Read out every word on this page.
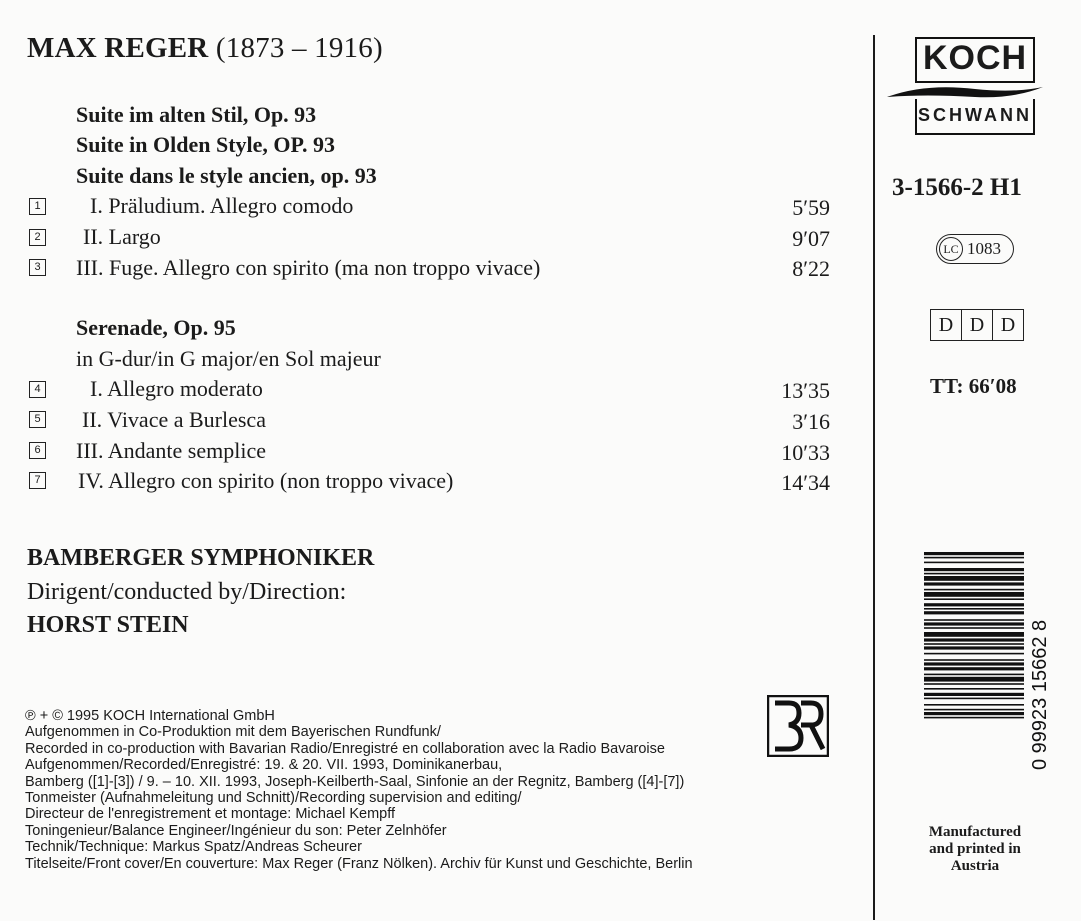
MAX REGER (1873 – 1916)
Suite im alten Stil, Op. 93
Suite in Olden Style, OP. 93
Suite dans le style ancien, op. 93
1 I. Präludium. Allegro comodo	5′59
2 II. Largo	9′07
3 III. Fuge. Allegro con spirito (ma non troppo vivace)	8′22
Serenade, Op. 95
in G-dur/in G major/en Sol majeur
4 I. Allegro moderato	13′35
5 II. Vivace a Burlesca	3′16
6 III. Andante semplice	10′33
7 IV. Allegro con spirito (non troppo vivace)	14′34
BAMBERGER SYMPHONIKER
Dirigent/conducted by/Direction:
HORST STEIN
℗ + © 1995 KOCH International GmbH
Aufgenommen in Co-Produktion mit dem Bayerischen Rundfunk/
Recorded in co-production with Bavarian Radio/Enregistré en collaboration avec la Radio Bavaroise
Aufgenommen/Recorded/Enregistré: 19. & 20. VII. 1993, Dominikanerbau,
Bamberg ([1]-[3]) / 9. – 10. XII. 1993, Joseph-Keilberth-Saal, Sinfonie an der Regnitz, Bamberg ([4]-[7])
Tonmeister (Aufnahmeleitung und Schnitt)/Recording supervision and editing/
Directeur de l'enregistrement et montage: Michael Kempff
Toningenieur/Balance Engineer/Ingénieur du son: Peter Zelnhöfer
Technik/Technique: Markus Spatz/Andreas Scheurer
Titelseite/Front cover/En couverture: Max Reger (Franz Nölken). Archiv für Kunst und Geschichte, Berlin
KOCH
SCHWANN
3-1566-2 H1
LC 1083
D D D
TT: 66′08
0 99923 15662 8
Manufactured and printed in Austria
